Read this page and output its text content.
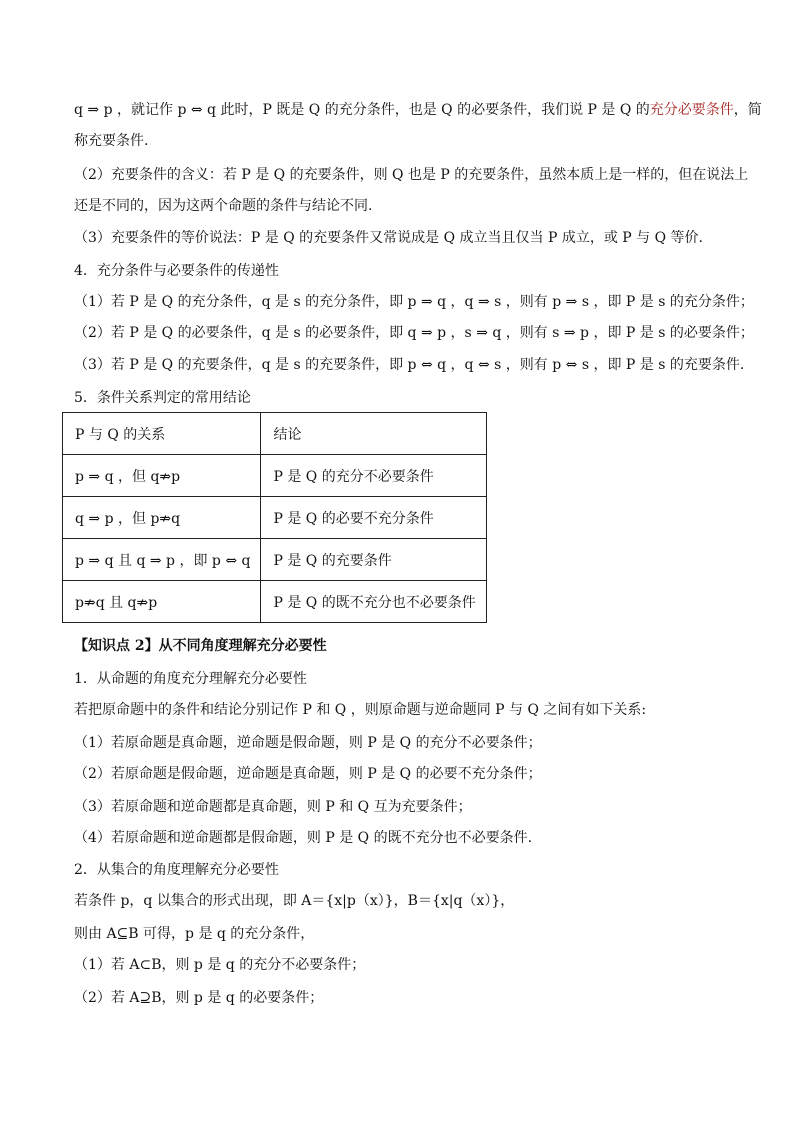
q ⇒ p ，就记作 p ⇔ q 此时，P 既是 Q 的充分条件，也是 Q 的必要条件，我们说 P 是 Q 的充分必要条件，简
称充要条件.
（2）充要条件的含义：若 P 是 Q 的充要条件，则 Q 也是 P 的充要条件，虽然本质上是一样的，但在说法上
还是不同的，因为这两个命题的条件与结论不同.
（3）充要条件的等价说法：P 是 Q 的充要条件又常说成是 Q 成立当且仅当 P 成立，或 P 与 Q 等价.
4．充分条件与必要条件的传递性
（1）若 P 是 Q 的充分条件，q 是 s 的充分条件，即 p ⇒ q ，q ⇒ s ，则有 p ⇒ s ，即 P 是 s 的充分条件；
（2）若 P 是 Q 的必要条件，q 是 s 的必要条件，即 q ⇒ p ，s ⇒ q ，则有 s ⇒ p ，即 P 是 s 的必要条件；
（3）若 P 是 Q 的充要条件，q 是 s 的充要条件，即 p ⇔ q ，q ⇔ s ，则有 p ⇔ s ，即 P 是 s 的充要条件.
5．条件关系判定的常用结论
P 与 Q 的关系	结论
p ⇒ q ，但 q⇏p	P 是 Q 的充分不必要条件
q ⇒ p ，但 p⇏q	P 是 Q 的必要不充分条件
p ⇒ q 且 q ⇒ p ，即 p ⇔ q	P 是 Q 的充要条件
p⇏q 且 q⇏p	P 是 Q 的既不充分也不必要条件
【知识点 2】从不同角度理解充分必要性
1．从命题的角度充分理解充分必要性
若把原命题中的条件和结论分别记作 P 和 Q ，则原命题与逆命题同 P 与 Q 之间有如下关系:
（1）若原命题是真命题，逆命题是假命题，则 P 是 Q 的充分不必要条件；
（2）若原命题是假命题，逆命题是真命题，则 P 是 Q 的必要不充分条件；
（3）若原命题和逆命题都是真命题，则 P 和 Q 互为充要条件；
（4）若原命题和逆命题都是假命题，则 P 是 Q 的既不充分也不必要条件.
2．从集合的角度理解充分必要性
若条件 p，q 以集合的形式出现，即 A＝{x|p（x）}，B＝{x|q（x）}，
则由 A⊆B 可得，p 是 q 的充分条件，
（1）若 A⊂B，则 p 是 q 的充分不必要条件；
（2）若 A⊇B，则 p 是 q 的必要条件；
